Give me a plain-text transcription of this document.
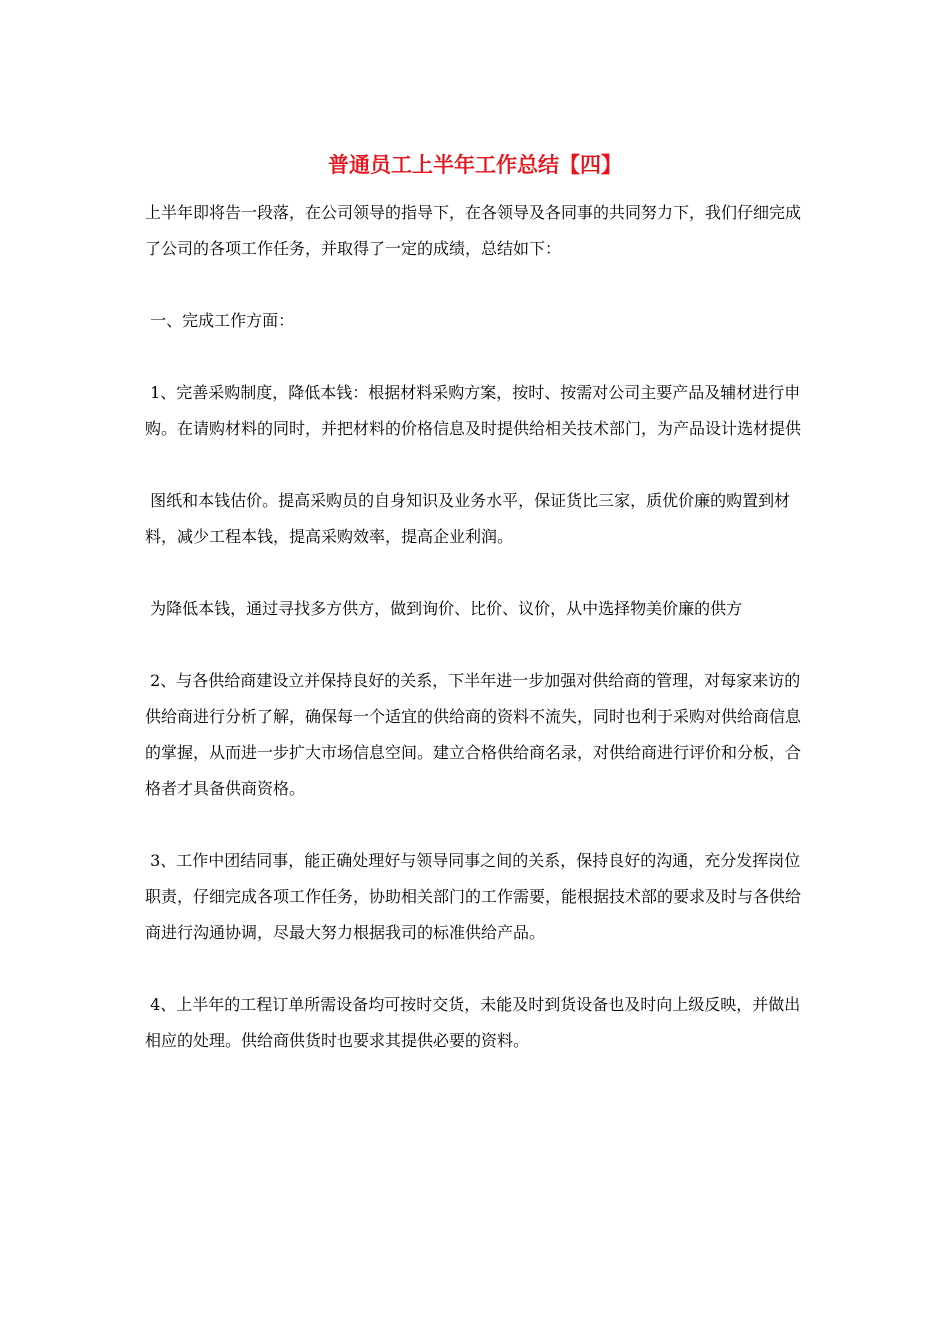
普通员工上半年工作总结【四】

上半年即将告一段落，在公司领导的指导下，在各领导及各同事的共同努力下，我们仔细完成了公司的各项工作任务，并取得了一定的成绩，总结如下：

一、完成工作方面：

1、完善采购制度，降低本钱：根据材料采购方案，按时、按需对公司主要产品及辅材进行申购。在请购材料的同时，并把材料的价格信息及时提供给相关技术部门，为产品设计选材提供

图纸和本钱估价。提高采购员的自身知识及业务水平，保证货比三家，质优价廉的购置到材料，减少工程本钱，提高采购效率，提高企业利润。

为降低本钱，通过寻找多方供方，做到询价、比价、议价，从中选择物美价廉的供方

2、与各供给商建设立并保持良好的关系，下半年进一步加强对供给商的管理，对每家来访的供给商进行分析了解，确保每一个适宜的供给商的资料不流失，同时也利于采购对供给商信息的掌握，从而进一步扩大市场信息空间。建立合格供给商名录，对供给商进行评价和分板，合格者才具备供商资格。

3、工作中团结同事，能正确处理好与领导同事之间的关系，保持良好的沟通，充分发挥岗位职责，仔细完成各项工作任务，协助相关部门的工作需要，能根据技术部的要求及时与各供给商进行沟通协调，尽最大努力根据我司的标准供给产品。

4、上半年的工程订单所需设备均可按时交货，未能及时到货设备也及时向上级反映，并做出相应的处理。供给商供货时也要求其提供必要的资料。
